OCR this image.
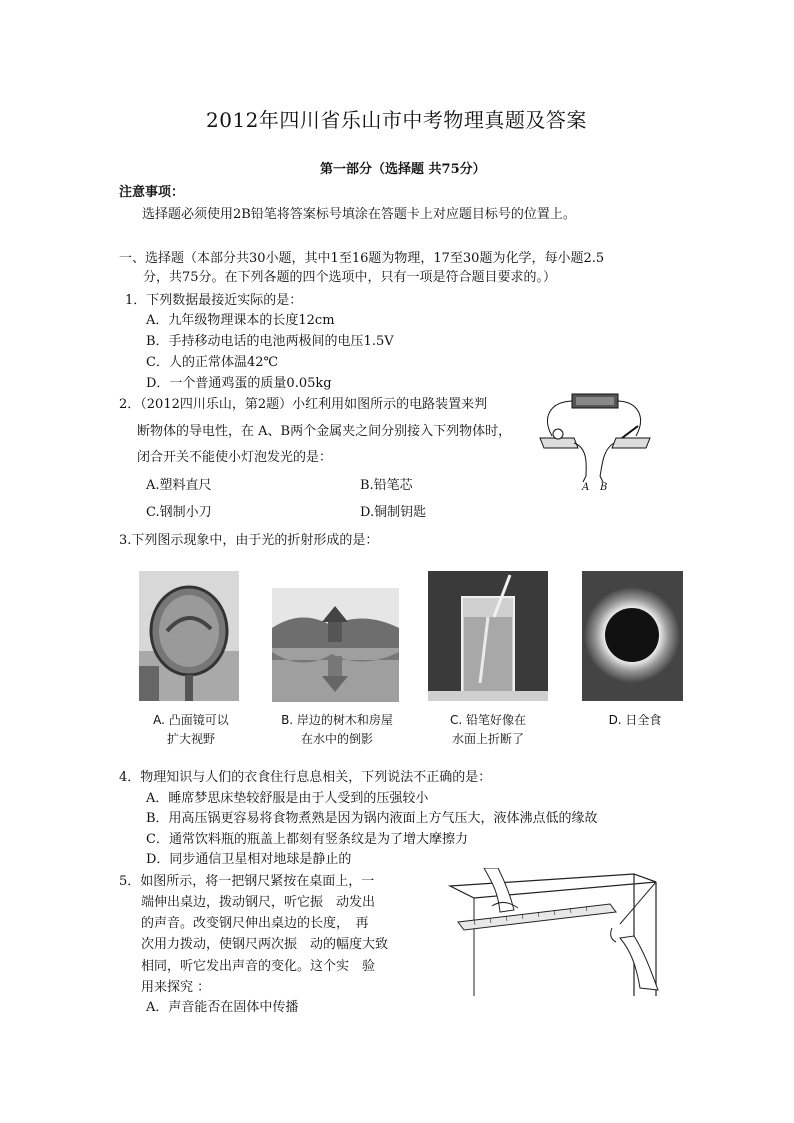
2012年四川省乐山市中考物理真题及答案
第一部分（选择题 共75分）
注意事项：
选择题必须使用2B铅笔将答案标号填涂在答题卡上对应题目标号的位置上。
一、选择题（本部分共30小题，其中1至16题为物理，17至30题为化学，每小题2.5
分，共75分。在下列各题的四个选项中，只有一项是符合题目要求的。）
1．下列数据最接近实际的是：
A．九年级物理课本的长度12cm
B．手持移动电话的电池两极间的电压1.5V
C．人的正常体温42℃
D．一个普通鸡蛋的质量0.05kg
2．（2012四川乐山，第2题）小红利用如图所示的电路装置来判
断物体的导电性，在 A、B两个金属夹之间分别接入下列物体时，
闭合开关不能使小灯泡发光的是：
A.塑料直尺	B.铅笔芯
C.钢制小刀	D.铜制钥匙
A B
3.下列图示现象中，由于光的折射形成的是：
A. 凸面镜可以
扩大视野
B. 岸边的树木和房屋
在水中的倒影
C. 铅笔好像在
水面上折断了
D. 日全食
4．物理知识与人们的衣食住行息息相关，下列说法不正确的是：
A．睡席梦思床垫较舒服是由于人受到的压强较小
B．用高压锅更容易将食物煮熟是因为锅内液面上方气压大，液体沸点低的缘故
C．通常饮料瓶的瓶盖上都刻有竖条纹是为了增大摩擦力
D．同步通信卫星相对地球是静止的
5．如图所示，将一把钢尺紧按在桌面上，一
端伸出桌边，拨动钢尺，听它振　动发出
的声音。改变钢尺伸出桌边的长度，　再
次用力拨动，使钢尺两次振　动的幅度大致
相同，听它发出声音的变化。这个实　验
用来探究 ：
A．声音能否在固体中传播
